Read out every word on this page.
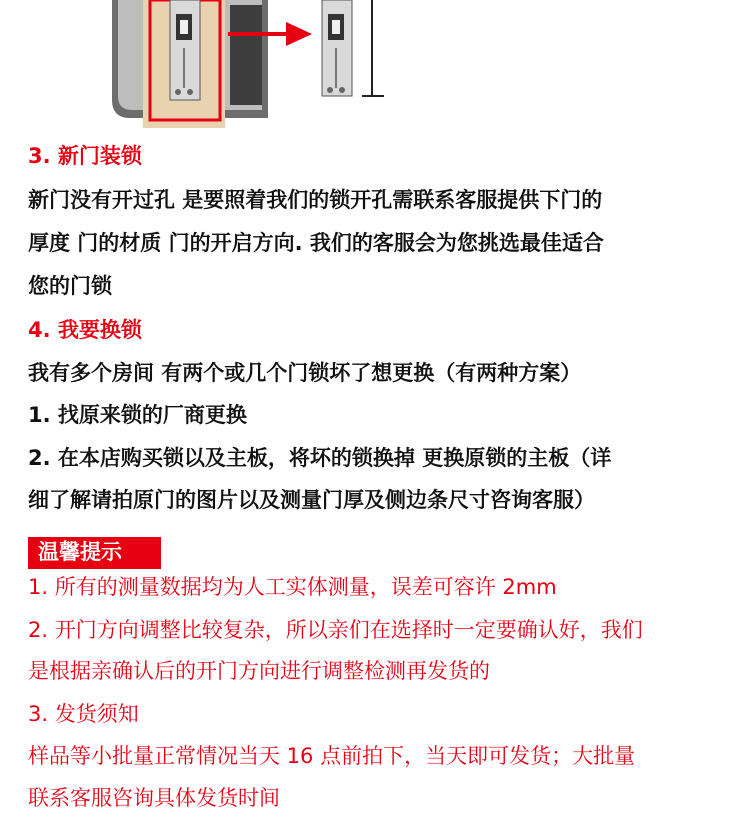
3. 新门装锁
新门没有开过孔 是要照着我们的锁开孔需联系客服提供下门的
厚度 门的材质 门的开启方向. 我们的客服会为您挑选最佳适合
您的门锁
4. 我要换锁
我有多个房间 有两个或几个门锁坏了想更换（有两种方案）
1. 找原来锁的厂商更换
2. 在本店购买锁以及主板，将坏的锁换掉 更换原锁的主板（详
细了解请拍原门的图片以及测量门厚及侧边条尺寸咨询客服）
温馨提示
1. 所有的测量数据均为人工实体测量，误差可容许 2mm
2. 开门方向调整比较复杂，所以亲们在选择时一定要确认好，我们
是根据亲确认后的开门方向进行调整检测再发货的
3. 发货须知
样品等小批量正常情况当天 16 点前拍下，当天即可发货；大批量
联系客服咨询具体发货时间
